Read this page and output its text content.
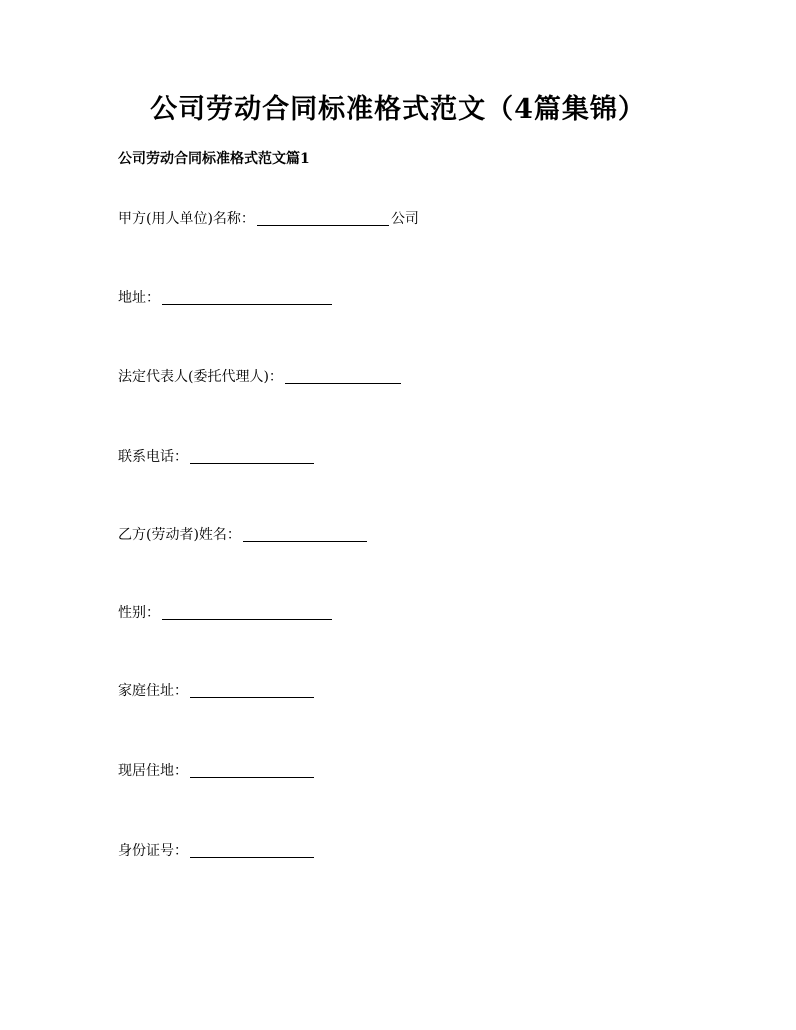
公司劳动合同标准格式范文（4篇集锦）
公司劳动合同标准格式范文篇1
甲方(用人单位)名称：	公司
地址：
法定代表人(委托代理人)：
联系电话：
乙方(劳动者)姓名：
性别：
家庭住址：
现居住地：
身份证号：
